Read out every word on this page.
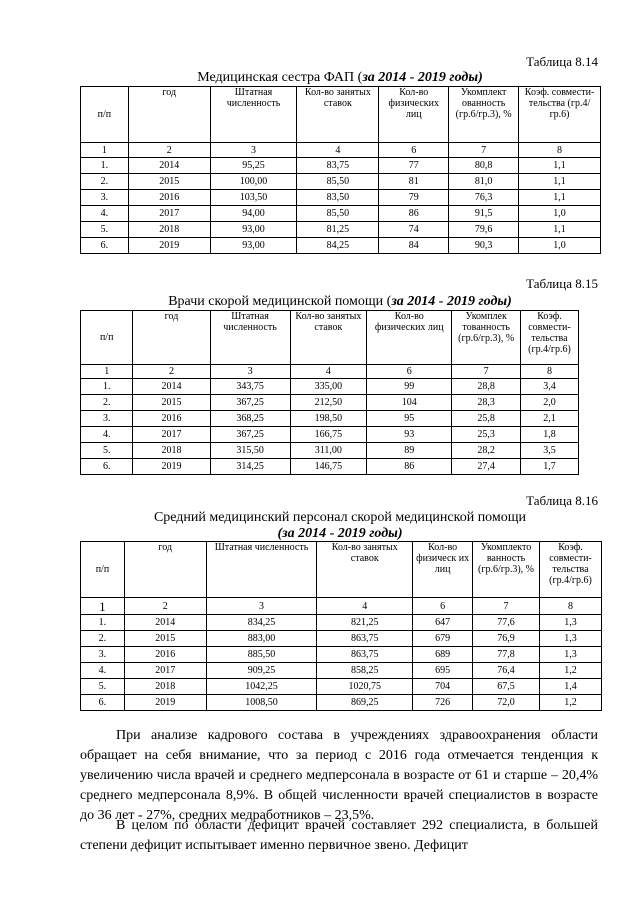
Таблица 8.14
Медицинская сестра ФАП (за 2014 - 2019 годы)
п/п	год	Штатная численность	Кол-во занятых ставок	Кол-во физических лиц	Укомплект ованность (гр.6/гр.3), %	Коэф. совмести-тельства (гр.4/гр.6)
1	2	3	4	6	7	8
1.	2014	95,25	83,75	77	80,8	1,1
2.	2015	100,00	85,50	81	81,0	1,1
3.	2016	103,50	83,50	79	76,3	1,1
4.	2017	94,00	85,50	86	91,5	1,0
5.	2018	93,00	81,25	74	79,6	1,1
6.	2019	93,00	84,25	84	90,3	1,0
Таблица 8.15
Врачи скорой медицинской помощи (за 2014 - 2019 годы)
п/п	год	Штатная численность	Кол-во занятых ставок	Кол-во физических лиц	Укомплек тованность (гр.6/гр.3), %	Коэф. совмести-тельства (гр.4/гр.6)
1	2	3	4	6	7	8
1.	2014	343,75	335,00	99	28,8	3,4
2.	2015	367,25	212,50	104	28,3	2,0
3.	2016	368,25	198,50	95	25,8	2,1
4.	2017	367,25	166,75	93	25,3	1,8
5.	2018	315,50	311,00	89	28,2	3,5
6.	2019	314,25	146,75	86	27,4	1,7
Таблица 8.16
Средний медицинский персонал скорой медицинской помощи
(за 2014 - 2019 годы)
п/п	год	Штатная численность	Кол-во занятых ставок	Кол-во физическ их лиц	Укомплекто ванность (гр.6/гр.3), %	Коэф. совмести-тельства (гр.4/гр.6)
1	2	3	4	6	7	8
1.	2014	834,25	821,25	647	77,6	1,3
2.	2015	883,00	863,75	679	76,9	1,3
3.	2016	885,50	863,75	689	77,8	1,3
4.	2017	909,25	858,25	695	76,4	1,2
5.	2018	1042,25	1020,75	704	67,5	1,4
6.	2019	1008,50	869,25	726	72,0	1,2
При анализе кадрового состава в учреждениях здравоохранения области обращает на себя внимание, что за период с 2016 года отмечается тенденция к увеличению числа врачей и среднего медперсонала в возрасте от 61 и старше – 20,4% среднего медперсонала 8,9%. В общей численности врачей специалистов в возрасте до 36 лет - 27%, средних медработников – 23,5%.
В целом по области дефицит врачей составляет 292 специалиста, в большей степени дефицит испытывает именно первичное звено. Дефицит
